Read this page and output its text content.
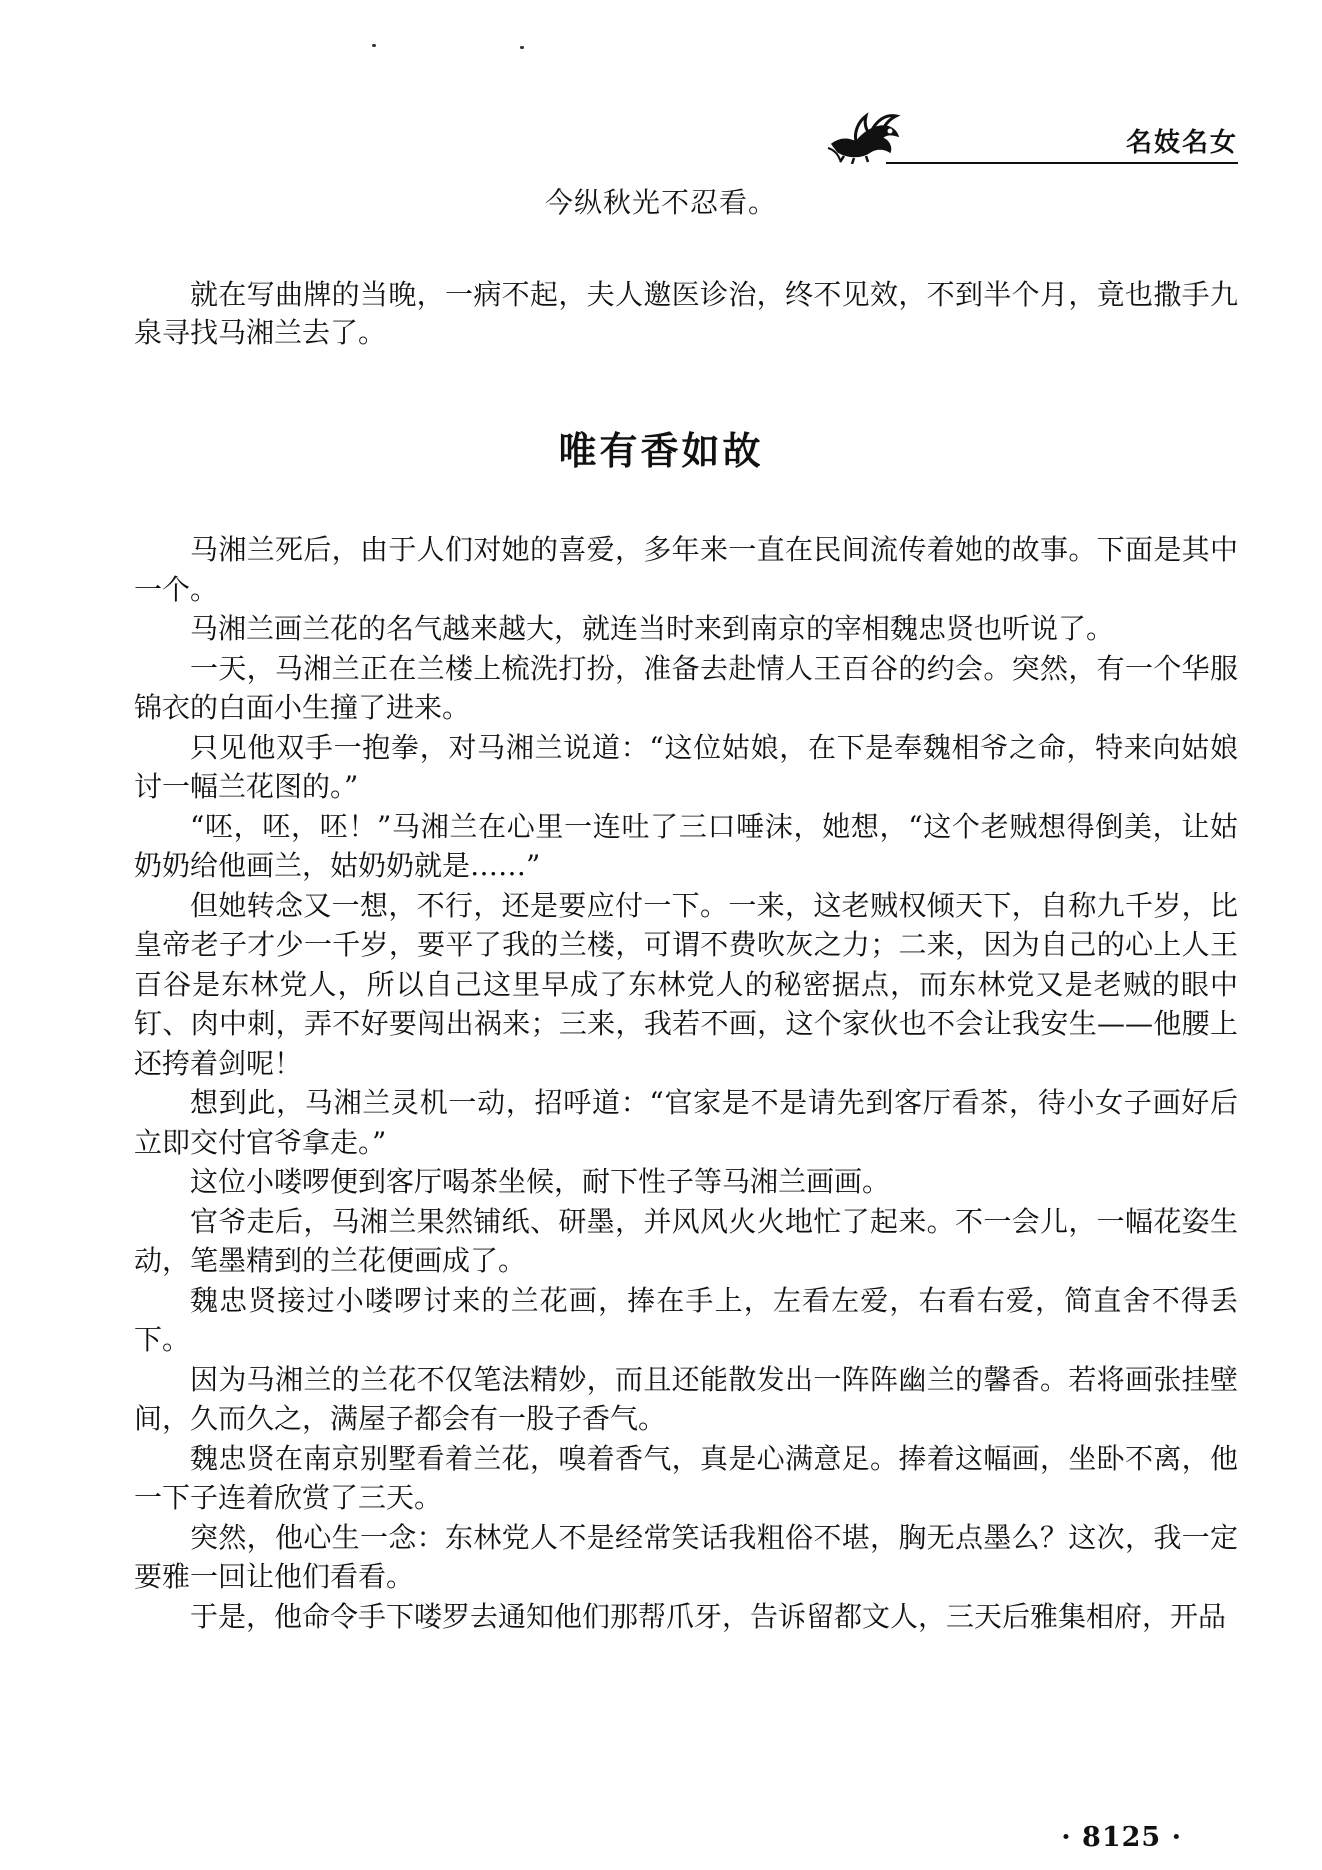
名妓名女
今纵秋光不忍看。

就在写曲牌的当晚，一病不起，夫人邀医诊治，终不见效，不到半个月，竟也撒手九泉寻找马湘兰去了。

唯有香如故

马湘兰死后，由于人们对她的喜爱，多年来一直在民间流传着她的故事。下面是其中一个。

马湘兰画兰花的名气越来越大，就连当时来到南京的宰相魏忠贤也听说了。

一天，马湘兰正在兰楼上梳洗打扮，准备去赴情人王百谷的约会。突然，有一个华服锦衣的白面小生撞了进来。

只见他双手一抱拳，对马湘兰说道：“这位姑娘，在下是奉魏相爷之命，特来向姑娘讨一幅兰花图的。”

“呸，呸，呸！”马湘兰在心里一连吐了三口唾沫，她想，“这个老贼想得倒美，让姑奶奶给他画兰，姑奶奶就是……”

但她转念又一想，不行，还是要应付一下。一来，这老贼权倾天下，自称九千岁，比皇帝老子才少一千岁，要平了我的兰楼，可谓不费吹灰之力；二来，因为自己的心上人王百谷是东林党人，所以自己这里早成了东林党人的秘密据点，而东林党又是老贼的眼中钉、肉中刺，弄不好要闯出祸来；三来，我若不画，这个家伙也不会让我安生——他腰上还挎着剑呢！

想到此，马湘兰灵机一动，招呼道：“官家是不是请先到客厅看茶，待小女子画好后立即交付官爷拿走。”

这位小喽啰便到客厅喝茶坐候，耐下性子等马湘兰画画。

官爷走后，马湘兰果然铺纸、研墨，并风风火火地忙了起来。不一会儿，一幅花姿生动，笔墨精到的兰花便画成了。

魏忠贤接过小喽啰讨来的兰花画，捧在手上，左看左爱，右看右爱，简直舍不得丢下。

因为马湘兰的兰花不仅笔法精妙，而且还能散发出一阵阵幽兰的馨香。若将画张挂壁间，久而久之，满屋子都会有一股子香气。

魏忠贤在南京别墅看着兰花，嗅着香气，真是心满意足。捧着这幅画，坐卧不离，他一下子连着欣赏了三天。

突然，他心生一念：东林党人不是经常笑话我粗俗不堪，胸无点墨么？这次，我一定要雅一回让他们看看。

于是，他命令手下喽罗去通知他们那帮爪牙，告诉留都文人，三天后雅集相府，开品

· 8125 ·
